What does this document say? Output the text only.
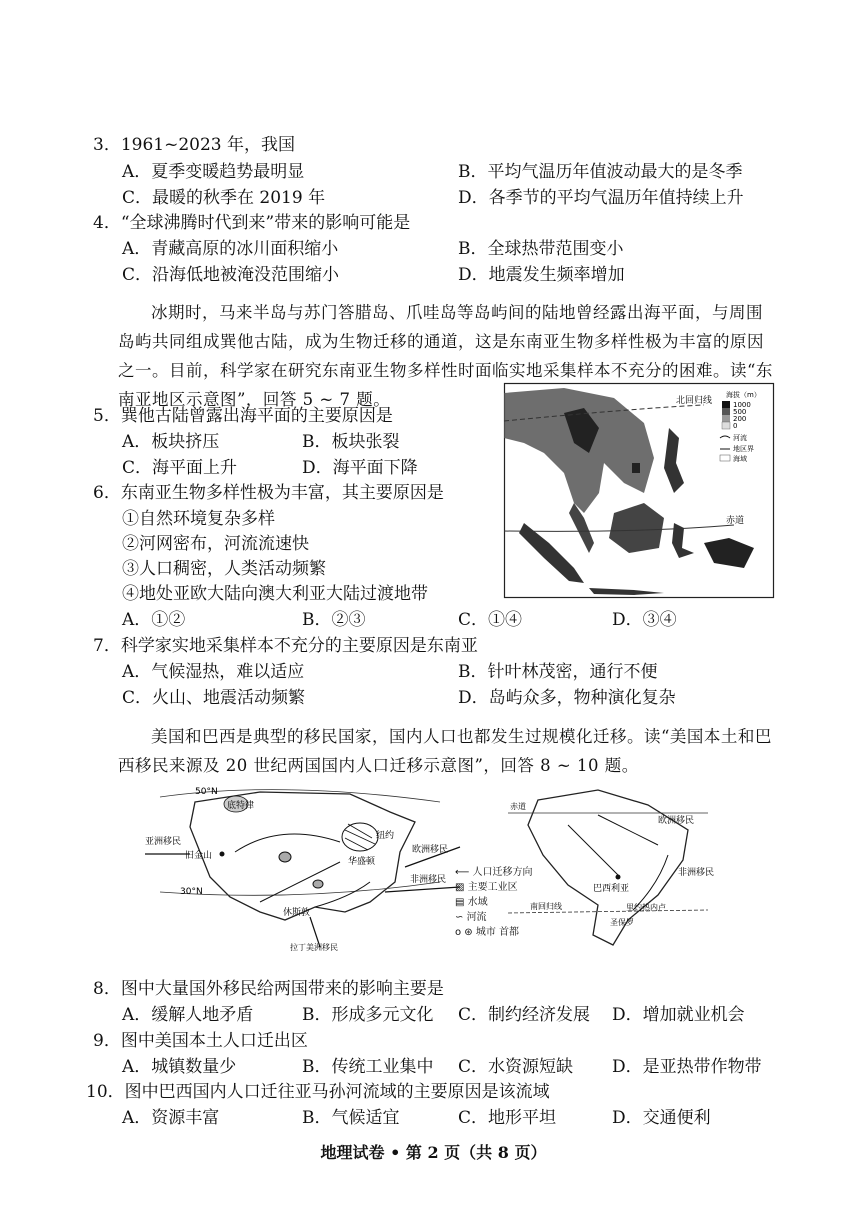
3．1961~2023 年，我国
A．夏季变暖趋势最明显	B．平均气温历年值波动最大的是冬季
C．最暖的秋季在 2019 年	D．各季节的平均气温历年值持续上升
4．“全球沸腾时代到来”带来的影响可能是
A．青藏高原的冰川面积缩小	B．全球热带范围变小
C．沿海低地被淹没范围缩小	D．地震发生频率增加
冰期时，马来半岛与苏门答腊岛、爪哇岛等岛屿间的陆地曾经露出海平面，与周围岛屿共同组成巽他古陆，成为生物迁移的通道，这是东南亚生物多样性极为丰富的原因之一。目前，科学家在研究东南亚生物多样性时面临实地采集样本不充分的困难。读“东南亚地区示意图”，回答 5 ~ 7 题。
5．巽他古陆曾露出海平面的主要原因是
A．板块挤压	B．板块张裂
C．海平面上升	D．海平面下降
6．东南亚生物多样性极为丰富，其主要原因是
①自然环境复杂多样
②河网密布，河流流速快
③人口稠密，人类活动频繁
④地处亚欧大陆向澳大利亚大陆过渡地带
A．①②	B．②③	C．①④	D．③④
北回归线
赤道
海拔（m）
1000
500
200
0
河流
地区界
海域
7．科学家实地采集样本不充分的主要原因是东南亚
A．气候湿热，难以适应	B．针叶林茂密，通行不便
C．火山、地震活动频繁	D．岛屿众多，物种演化复杂
美国和巴西是典型的移民国家，国内人口也都发生过规模化迁移。读“美国本土和巴西移民来源及 20 世纪两国国内人口迁移示意图”，回答 8 ~ 10 题。
50°N
30°N
旧金山
底特律
纽约
华盛顿
休斯敦
亚洲移民
欧洲移民
非洲移民
拉丁美洲移民
⟵ 人口迁移方向
▨ 主要工业区
▤ 水域
∽ 河流
o ⊛ 城市 首都
赤道
南回归线
巴西利亚
里约热内卢
圣保罗
欧洲移民
非洲移民
8．图中大量国外移民给两国带来的影响主要是
A．缓解人地矛盾	B．形成多元文化 C．制约经济发展 D．增加就业机会
9．图中美国本土人口迁出区
A．城镇数量少	B．传统工业集中 C．水资源短缺 D．是亚热带作物带
10．图中巴西国内人口迁往亚马孙河流域的主要原因是该流域
A．资源丰富	B．气候适宜	C．地形平坦	D．交通便利
地理试卷 • 第 2 页（共 8 页）
